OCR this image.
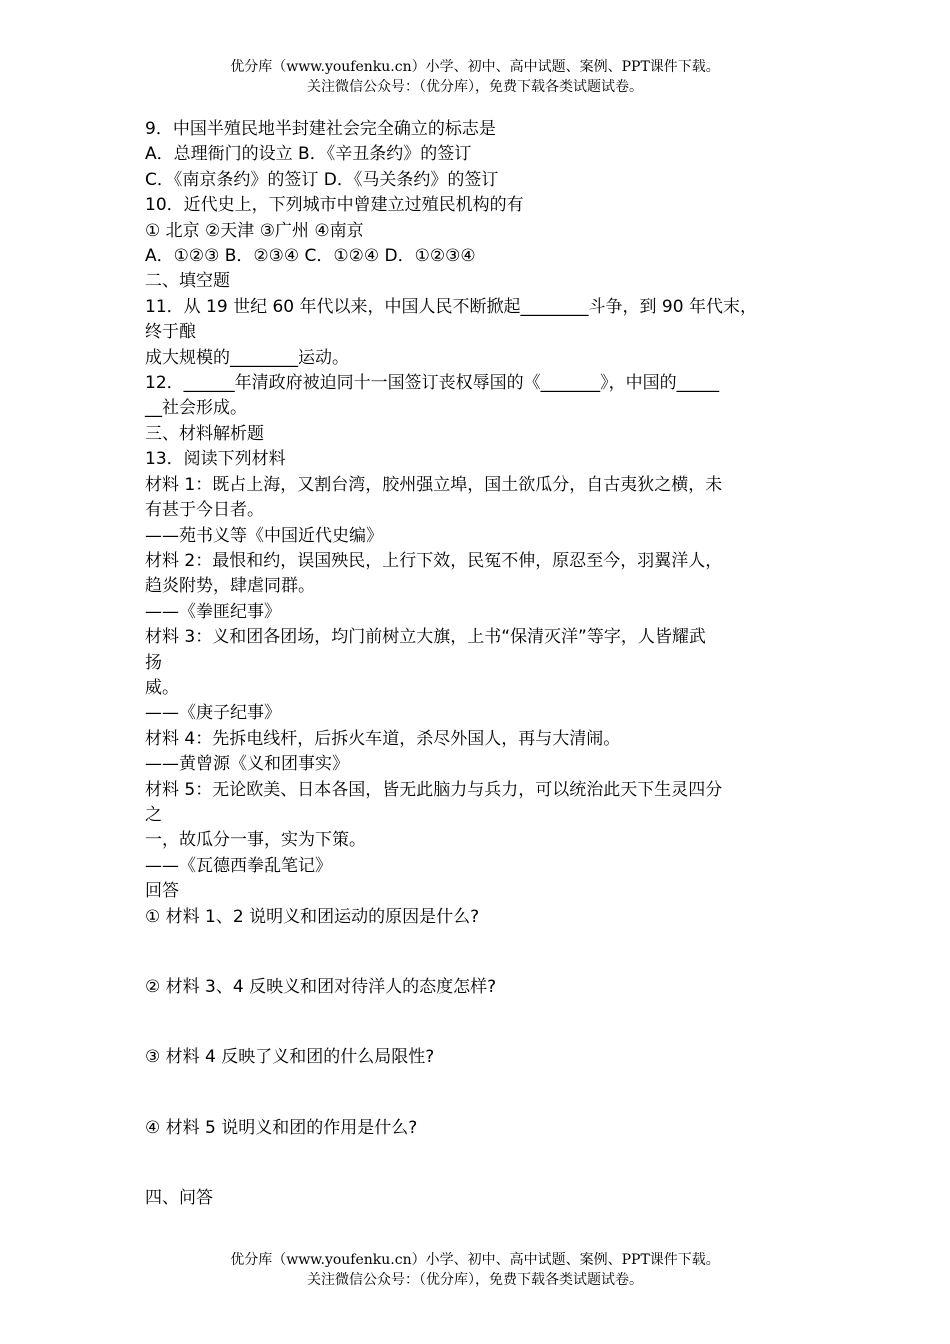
优分库（www.youfenku.cn）小学、初中、高中试题、案例、PPT课件下载。
关注微信公众号：（优分库），免费下载各类试题试卷。
9．中国半殖民地半封建社会完全确立的标志是
A．总理衙门的设立 B．《辛丑条约》的签订
C．《南京条约》的签订 D．《马关条约》的签订
10．近代史上，下列城市中曾建立过殖民机构的有
① 北京 ②天津 ③广州 ④南京
A．①②③ B．②③④ C．①②④ D．①②③④
二、填空题
11．从 19 世纪 60 年代以来，中国人民不断掀起________斗争，到 90 年代末，
终于酿
成大规模的________运动。
12．______年清政府被迫同十一国签订丧权辱国的《_______》，中国的_____
__社会形成。
三、材料解析题
13．阅读下列材料
材料 1：既占上海，又割台湾，胶州强立埠，国土欲瓜分，自古夷狄之横，未
有甚于今日者。
——苑书义等《中国近代史编》
材料 2：最恨和约，误国殃民，上行下效，民冤不伸，原忍至今，羽翼洋人，
趋炎附势，肆虐同群。
——《拳匪纪事》
材料 3：义和团各团场，均门前树立大旗，上书“保清灭洋”等字，人皆耀武
扬
威。
——《庚子纪事》
材料 4：先拆电线杆，后拆火车道，杀尽外国人，再与大清闹。
——黄曾源《义和团事实》
材料 5：无论欧美、日本各国，皆无此脑力与兵力，可以统治此天下生灵四分
之
一，故瓜分一事，实为下策。
——《瓦德西拳乱笔记》
回答
① 材料 1、2 说明义和团运动的原因是什么?
② 材料 3、4 反映义和团对待洋人的态度怎样?
③ 材料 4 反映了义和团的什么局限性?
④ 材料 5 说明义和团的作用是什么?
四、问答
优分库（www.youfenku.cn）小学、初中、高中试题、案例、PPT课件下载。
关注微信公众号：（优分库），免费下载各类试题试卷。
